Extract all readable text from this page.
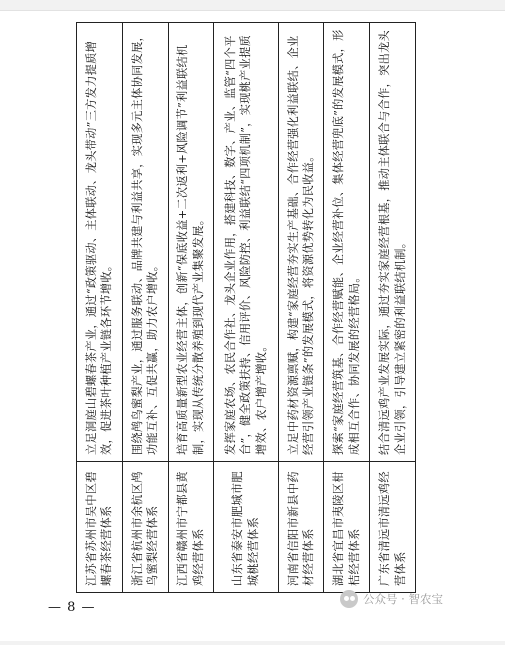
江苏省苏州市吴中区碧螺春茶经营体系	立足洞庭山碧螺春茶产业，通过“政策驱动、主体联动、龙头带动”三方发力提质增效，促进茶叶种植产业链各环节增收。
浙江省杭州市余杭区鸬鸟蜜梨经营体系	围绕鸬鸟蜜梨产业，通过服务联动、品牌共建与利益共享，实现多元主体协同发展，功能互补、互促共赢，助力农户增收。
江西省赣州市宁都县黄鸡经营体系	培育高质量新型农业经营主体，创新“保底收益+二次返利+风险调节”利益联结机制，实现从传统分散养殖到现代产业集聚发展。
山东省泰安市肥城市肥城桃经营体系	发挥家庭农场、农民合作社、龙头企业作用，搭建科技、数字、产业、监管“四个平台”，健全政策扶持、信用评价、风险防控、利益联结“四项机制”，实现桃产业提质增效、农户增产增收。
河南省信阳市新县中药材经营体系	立足中药材资源禀赋，构建“家庭经营夯实生产基础、合作经营强化利益联结、企业经营引领产业链条”的发展模式，将资源优势转化为民收益。
湖北省宜昌市夷陵区柑桔经营体系	探索“家庭经营筑基、合作经营赋能、企业经营补位、集体经营兜底”的发展模式，形成相互合作、协同发展的经营格局。
广东省清远市清远鸡经营体系	结合清远鸡产业发展实际，通过夯实家庭经营根基，推动主体联合与合作，突出龙头企业引领，引导建立紧密的利益联结机制。
— 8 —
公众号 · 智农宝
